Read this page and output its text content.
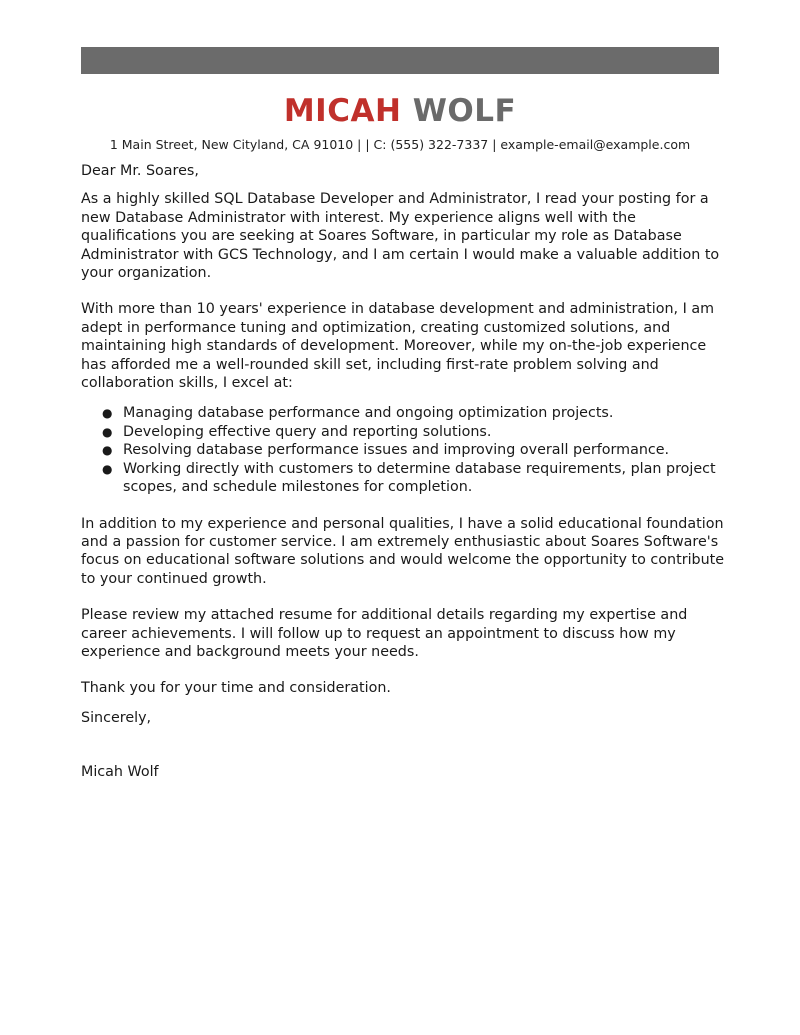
MICAH WOLF
1 Main Street, New Cityland, CA 91010 | | C: (555) 322-7337 | example-email@example.com

Dear Mr. Soares,

As a highly skilled SQL Database Developer and Administrator, I read your posting for a new Database Administrator with interest. My experience aligns well with the qualifications you are seeking at Soares Software, in particular my role as Database Administrator with GCS Technology, and I am certain I would make a valuable addition to your organization.

With more than 10 years' experience in database development and administration, I am adept in performance tuning and optimization, creating customized solutions, and maintaining high standards of development. Moreover, while my on-the-job experience has afforded me a well-rounded skill set, including first-rate problem solving and collaboration skills, I excel at:

● Managing database performance and ongoing optimization projects.
● Developing effective query and reporting solutions.
● Resolving database performance issues and improving overall performance.
● Working directly with customers to determine database requirements, plan project scopes, and schedule milestones for completion.

In addition to my experience and personal qualities, I have a solid educational foundation and a passion for customer service. I am extremely enthusiastic about Soares Software's focus on educational software solutions and would welcome the opportunity to contribute to your continued growth.

Please review my attached resume for additional details regarding my expertise and career achievements. I will follow up to request an appointment to discuss how my experience and background meets your needs.

Thank you for your time and consideration.

Sincerely,

Micah Wolf
